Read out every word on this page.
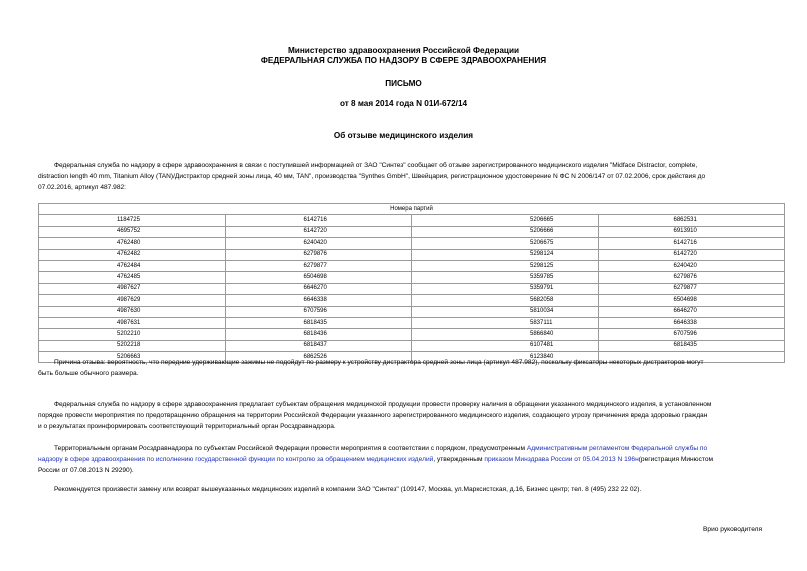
Министерство здравоохранения Российской Федерации
ФЕДЕРАЛЬНАЯ СЛУЖБА ПО НАДЗОРУ В СФЕРЕ ЗДРАВООХРАНЕНИЯ
ПИСЬМО
от 8 мая 2014 года N 01И-672/14
Об отзыве медицинского изделия
Федеральная служба по надзору в сфере здравоохранения в связи с поступившей информацией от ЗАО "Синтез" сообщает об отзыве зарегистрированного медицинского изделия "Midface Distractor, complete,
distraction length 40 mm, Titanium Alloy (TAN)/Дистрактор средней зоны лица, 40 мм, TAN", производства "Synthes GmbH", Швейцария, регистрационное удостоверение N ФС N 2006/147 от 07.02.2006, срок действия до
07.02.2016, артикул 487.982:
Номера партий			
1184725	6142716	5206665	6862531
4695752	6142720	5206666	6913910
4762480	6240420	5206675	6142716
4762482	6279876	5298124	6142720
4762484	6279877	5298125	6240420
4762485	6504698	5359785	6279876
4987627	6646270	5359791	6279877
4987629	6646338	5682058	6504698
4987630	6707596	5810034	6646270
4987631	6818435	5837111	6646338
5202210	6818436	5866840	6707596
5202218	6818437	6107481	6818435
5206663	6862526	6123840	
Причина отзыва: вероятность, что передние удерживающие зажимы не подойдут по размеру к устройству дистрактора средней зоны лица (артикул 487.982), поскольку фиксаторы некоторых дистракторов могут
быть больше обычного размера.
Федеральная служба по надзору в сфере здравоохранения предлагает субъектам обращения медицинской продукции провести проверку наличия в обращении указанного медицинского изделия, в установленном
порядке провести мероприятия по предотвращению обращения на территории Российской Федерации указанного зарегистрированного медицинского изделия, создающего угрозу причинения вреда здоровью граждан
и о результатах проинформировать соответствующий территориальный орган Росздравнадзора.
Территориальным органам Росздравнадзора по субъектам Российской Федерации провести мероприятия в соответствии с порядком, предусмотренным Административным регламентом Федеральной службы по
надзору в сфере здравоохранения по исполнению государственной функции по контролю за обращением медицинских изделий, утвержденным приказом Минздрава России от 05.04.2013 N 196н(регистрация Минюстом
России от 07.08.2013 N 29290).
Рекомендуется произвести замену или возврат вышеуказанных медицинских изделий в компании ЗАО "Синтез" (109147, Москва, ул.Марксистская, д.16, Бизнес центр; тел. 8 (495) 232 22 02).
Врио руководителя
